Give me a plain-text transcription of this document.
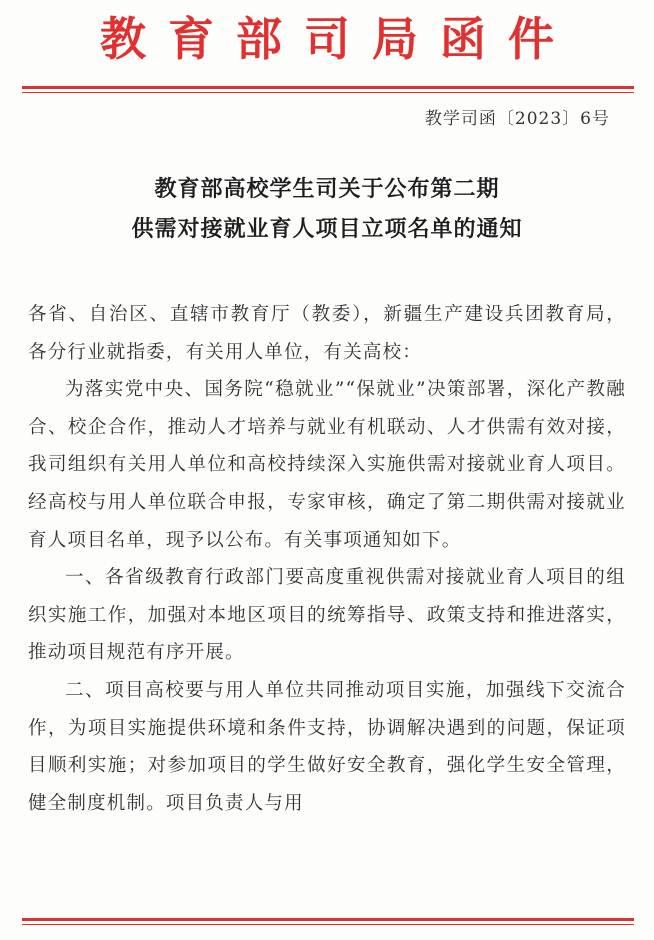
教育部司局函件
教学司函〔2023〕6号
教育部高校学生司关于公布第二期
供需对接就业育人项目立项名单的通知

各省、自治区、直辖市教育厅（教委），新疆生产建设兵团教育局，各分行业就指委，有关用人单位，有关高校：

为落实党中央、国务院“稳就业”“保就业”决策部署，深化产教融合、校企合作，推动人才培养与就业有机联动、人才供需有效对接，我司组织有关用人单位和高校持续深入实施供需对接就业育人项目。经高校与用人单位联合申报，专家审核，确定了第二期供需对接就业育人项目名单，现予以公布。有关事项通知如下。

一、各省级教育行政部门要高度重视供需对接就业育人项目的组织实施工作，加强对本地区项目的统筹指导、政策支持和推进落实，推动项目规范有序开展。

二、项目高校要与用人单位共同推动项目实施，加强线下交流合作，为项目实施提供环境和条件支持，协调解决遇到的问题，保证项目顺利实施；对参加项目的学生做好安全教育，强化学生安全管理，健全制度机制。项目负责人与用
